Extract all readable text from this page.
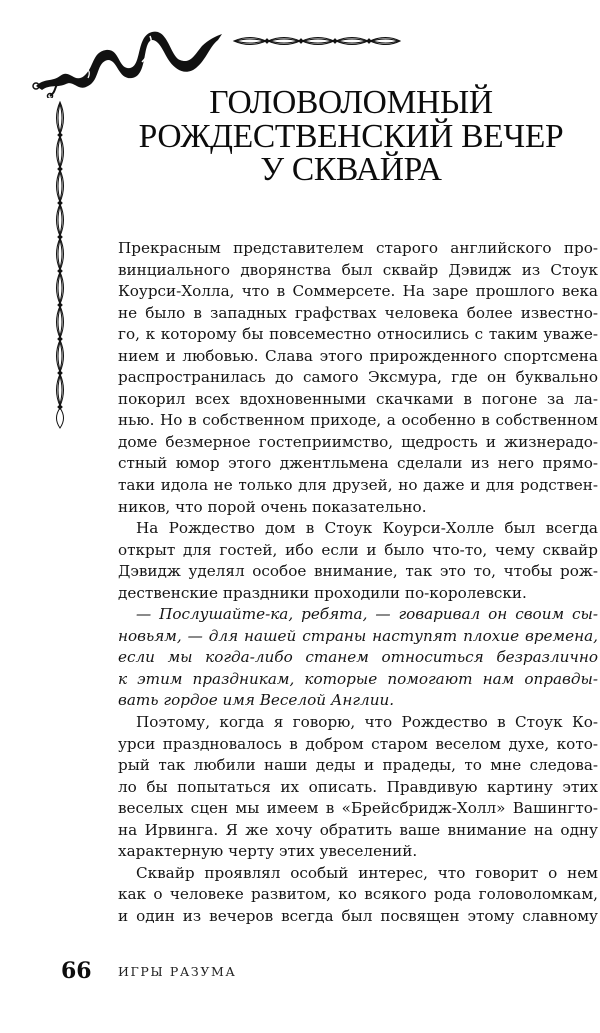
ГОЛОВОЛОМНЫЙ
РОЖДЕСТВЕНСКИЙ ВЕЧЕР
У СКВАЙРА
Прекрасным представителем старого английского про-
винциального дворянства был сквайр Дэвидж из Стоук
Коурси-Холла, что в Соммерсете. На заре прошлого века
не было в западных графствах человека более известно-
го, к которому бы повсеместно относились с таким уваже-
нием и любовью. Слава этого прирожденного спортсмена
распространилась до самого Эксмура, где он буквально
покорил всех вдохновенными скачками в погоне за ла-
нью. Но в собственном приходе, а особенно в собственном
доме безмерное гостеприимство, щедрость и жизнерадо-
стный юмор этого джентльмена сделали из него прямо-
таки идола не только для друзей, но даже и для родствен-
ников, что порой очень показательно.
На Рождество дом в Стоук Коурси-Холле был всегда
открыт для гостей, ибо если и было что-то, чему сквайр
Дэвидж уделял особое внимание, так это то, чтобы рож-
дественские праздники проходили по-королевски.
— Послушайте-ка, ребята, — говаривал он своим сы-
новьям, — для нашей страны наступят плохие времена,
если мы когда-либо станем относиться безразлично
к этим праздникам, которые помогают нам оправды-
вать гордое имя Веселой Англии.
Поэтому, когда я говорю, что Рождество в Стоук Ко-
урси праздновалось в добром старом веселом духе, кото-
рый так любили наши деды и прадеды, то мне следова-
ло бы попытаться их описать. Правдивую картину этих
веселых сцен мы имеем в «Брейсбридж-Холл» Вашингто-
на Ирвинга. Я же хочу обратить ваше внимание на одну
характерную черту этих увеселений.
Сквайр проявлял особый интерес, что говорит о нем
как о человеке развитом, ко всякого рода головоломкам,
и один из вечеров всегда был посвящен этому славному
66 ИГРЫ РАЗУМА
